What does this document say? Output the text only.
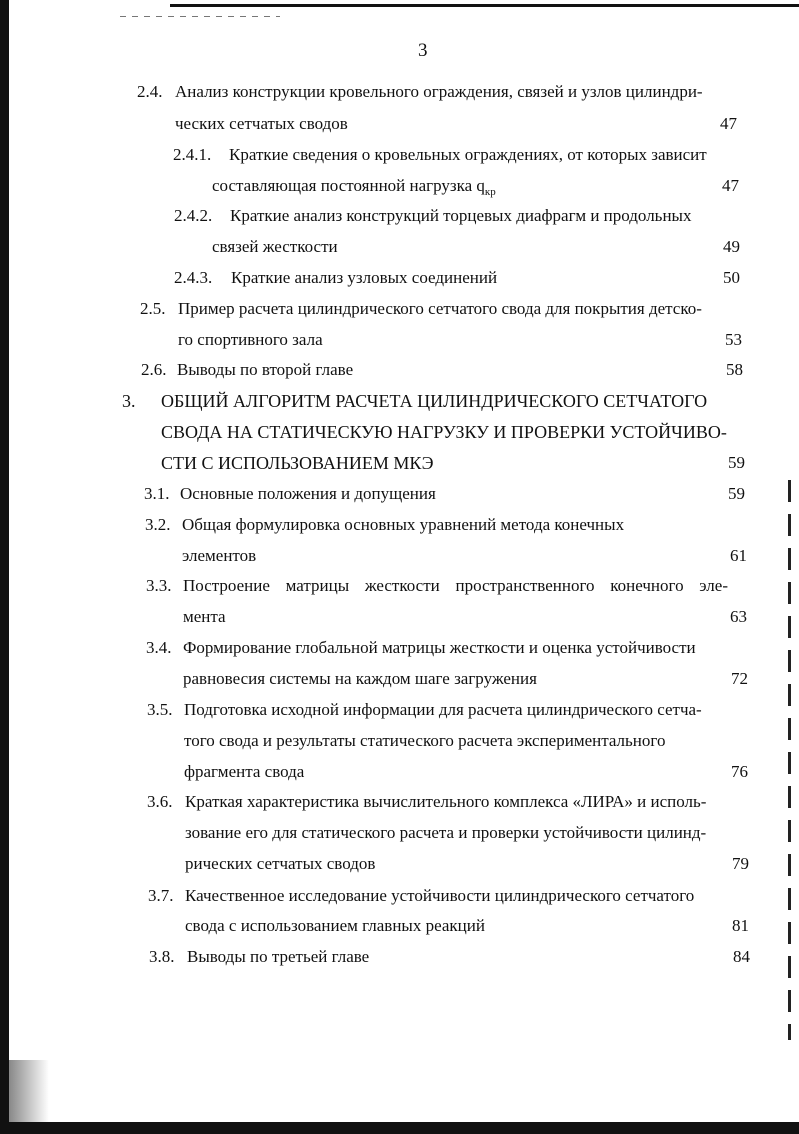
3
2.4. Анализ конструкции кровельного ограждения, связей и узлов цилиндри-
ческих сетчатых сводов	47
2.4.1. Краткие сведения о кровельных ограждениях, от которых зависит
составляющая постоянной нагрузка $q_{кр}$	47
2.4.2. Краткие анализ конструкций торцевых диафрагм и продольных
связей жесткости	49
2.4.3. Краткие анализ узловых соединений	50
2.5. Пример расчета цилиндрического сетчатого свода для покрытия детско-
го спортивного зала	53
2.6. Выводы по второй главе	58
3. ОБЩИЙ АЛГОРИТМ РАСЧЕТА ЦИЛИНДРИЧЕСКОГО СЕТЧАТОГО
СВОДА НА СТАТИЧЕСКУЮ НАГРУЗКУ И ПРОВЕРКИ УСТОЙЧИВО-
СТИ С ИСПОЛЬЗОВАНИЕМ МКЭ	59
3.1. Основные положения и допущения	59
3.2. Общая формулировка основных уравнений метода конечных
элементов	61
3.3. Построение матрицы жесткости пространственного конечного эле-
мента	63
3.4. Формирование глобальной матрицы жесткости и оценка устойчивости
равновесия системы на каждом шаге загружения	72
3.5. Подготовка исходной информации для расчета цилиндрического сетча-
того свода и результаты статического расчета экспериментального
фрагмента свода	76
3.6. Краткая характеристика вычислительного комплекса «ЛИРА» и исполь-
зование его для статического расчета и проверки устойчивости цилинд-
рических сетчатых сводов	79
3.7. Качественное исследование устойчивости цилиндрического сетчатого
свода с использованием главных реакций	81
3.8. Выводы по третьей главе	84
